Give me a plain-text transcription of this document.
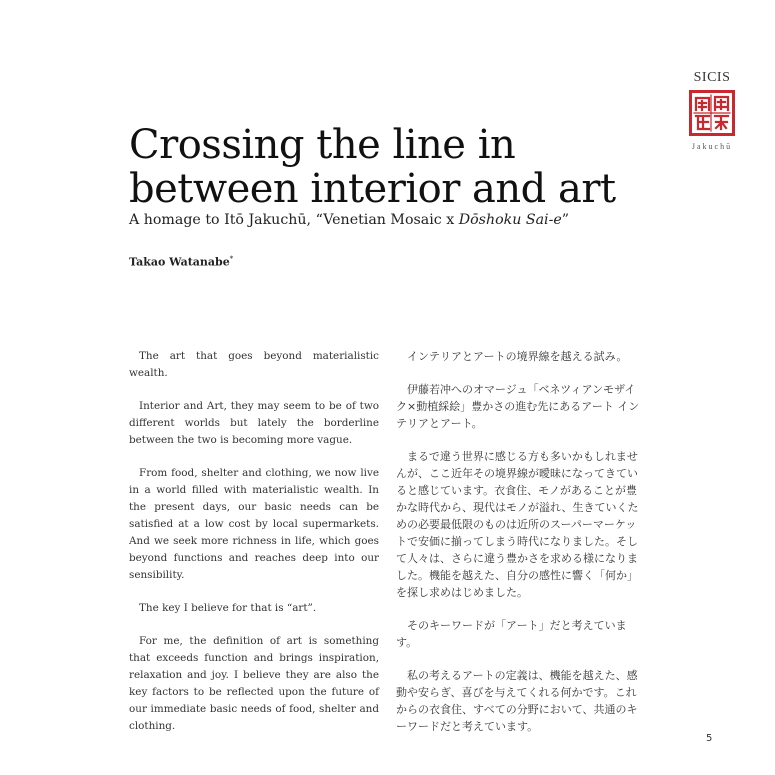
SICIS
Jakuchū
Crossing the line in
between interior and art
A homage to Itō Jakuchū, “Venetian Mosaic x Dōshoku Sai-e”
Takao Watanabe*

The art that goes beyond materialistic wealth.

Interior and Art, they may seem to be of two different worlds but lately the borderline between the two is becoming more vague.

From food, shelter and clothing, we now live in a world filled with materialistic wealth. In the present days, our basic needs can be satisfied at a low cost by local supermarkets. And we seek more richness in life, which goes beyond functions and reaches deep into our sensibility.

The key I believe for that is “art”.

For me, the definition of art is something that exceeds function and brings inspiration, relaxation and joy. I believe they are also the key factors to be reflected upon the future of our immediate basic needs of food, shelter and clothing.

インテリアとアートの境界線を越える試み。

伊藤若冲へのオマージュ「ベネツィアンモザイク×動植綵絵」豊かさの進む先にあるアート インテリアとアート。

まるで違う世界に感じる方も多いかもしれませんが、ここ近年その境界線が曖昧になってきていると感じています。衣食住、モノがあることが豊かな時代から、現代はモノが溢れ、生きていくための必要最低限のものは近所のスーパーマーケットで安価に揃ってしまう時代になりました。そして人々は、さらに違う豊かさを求める様になりました。機能を越えた、自分の感性に響く「何か」を探し求めはじめました。

そのキーワードが「アート」だと考えています。

私の考えるアートの定義は、機能を越えた、感動や安らぎ、喜びを与えてくれる何かです。これからの衣食住、すべての分野において、共通のキーワードだと考えています。

5
